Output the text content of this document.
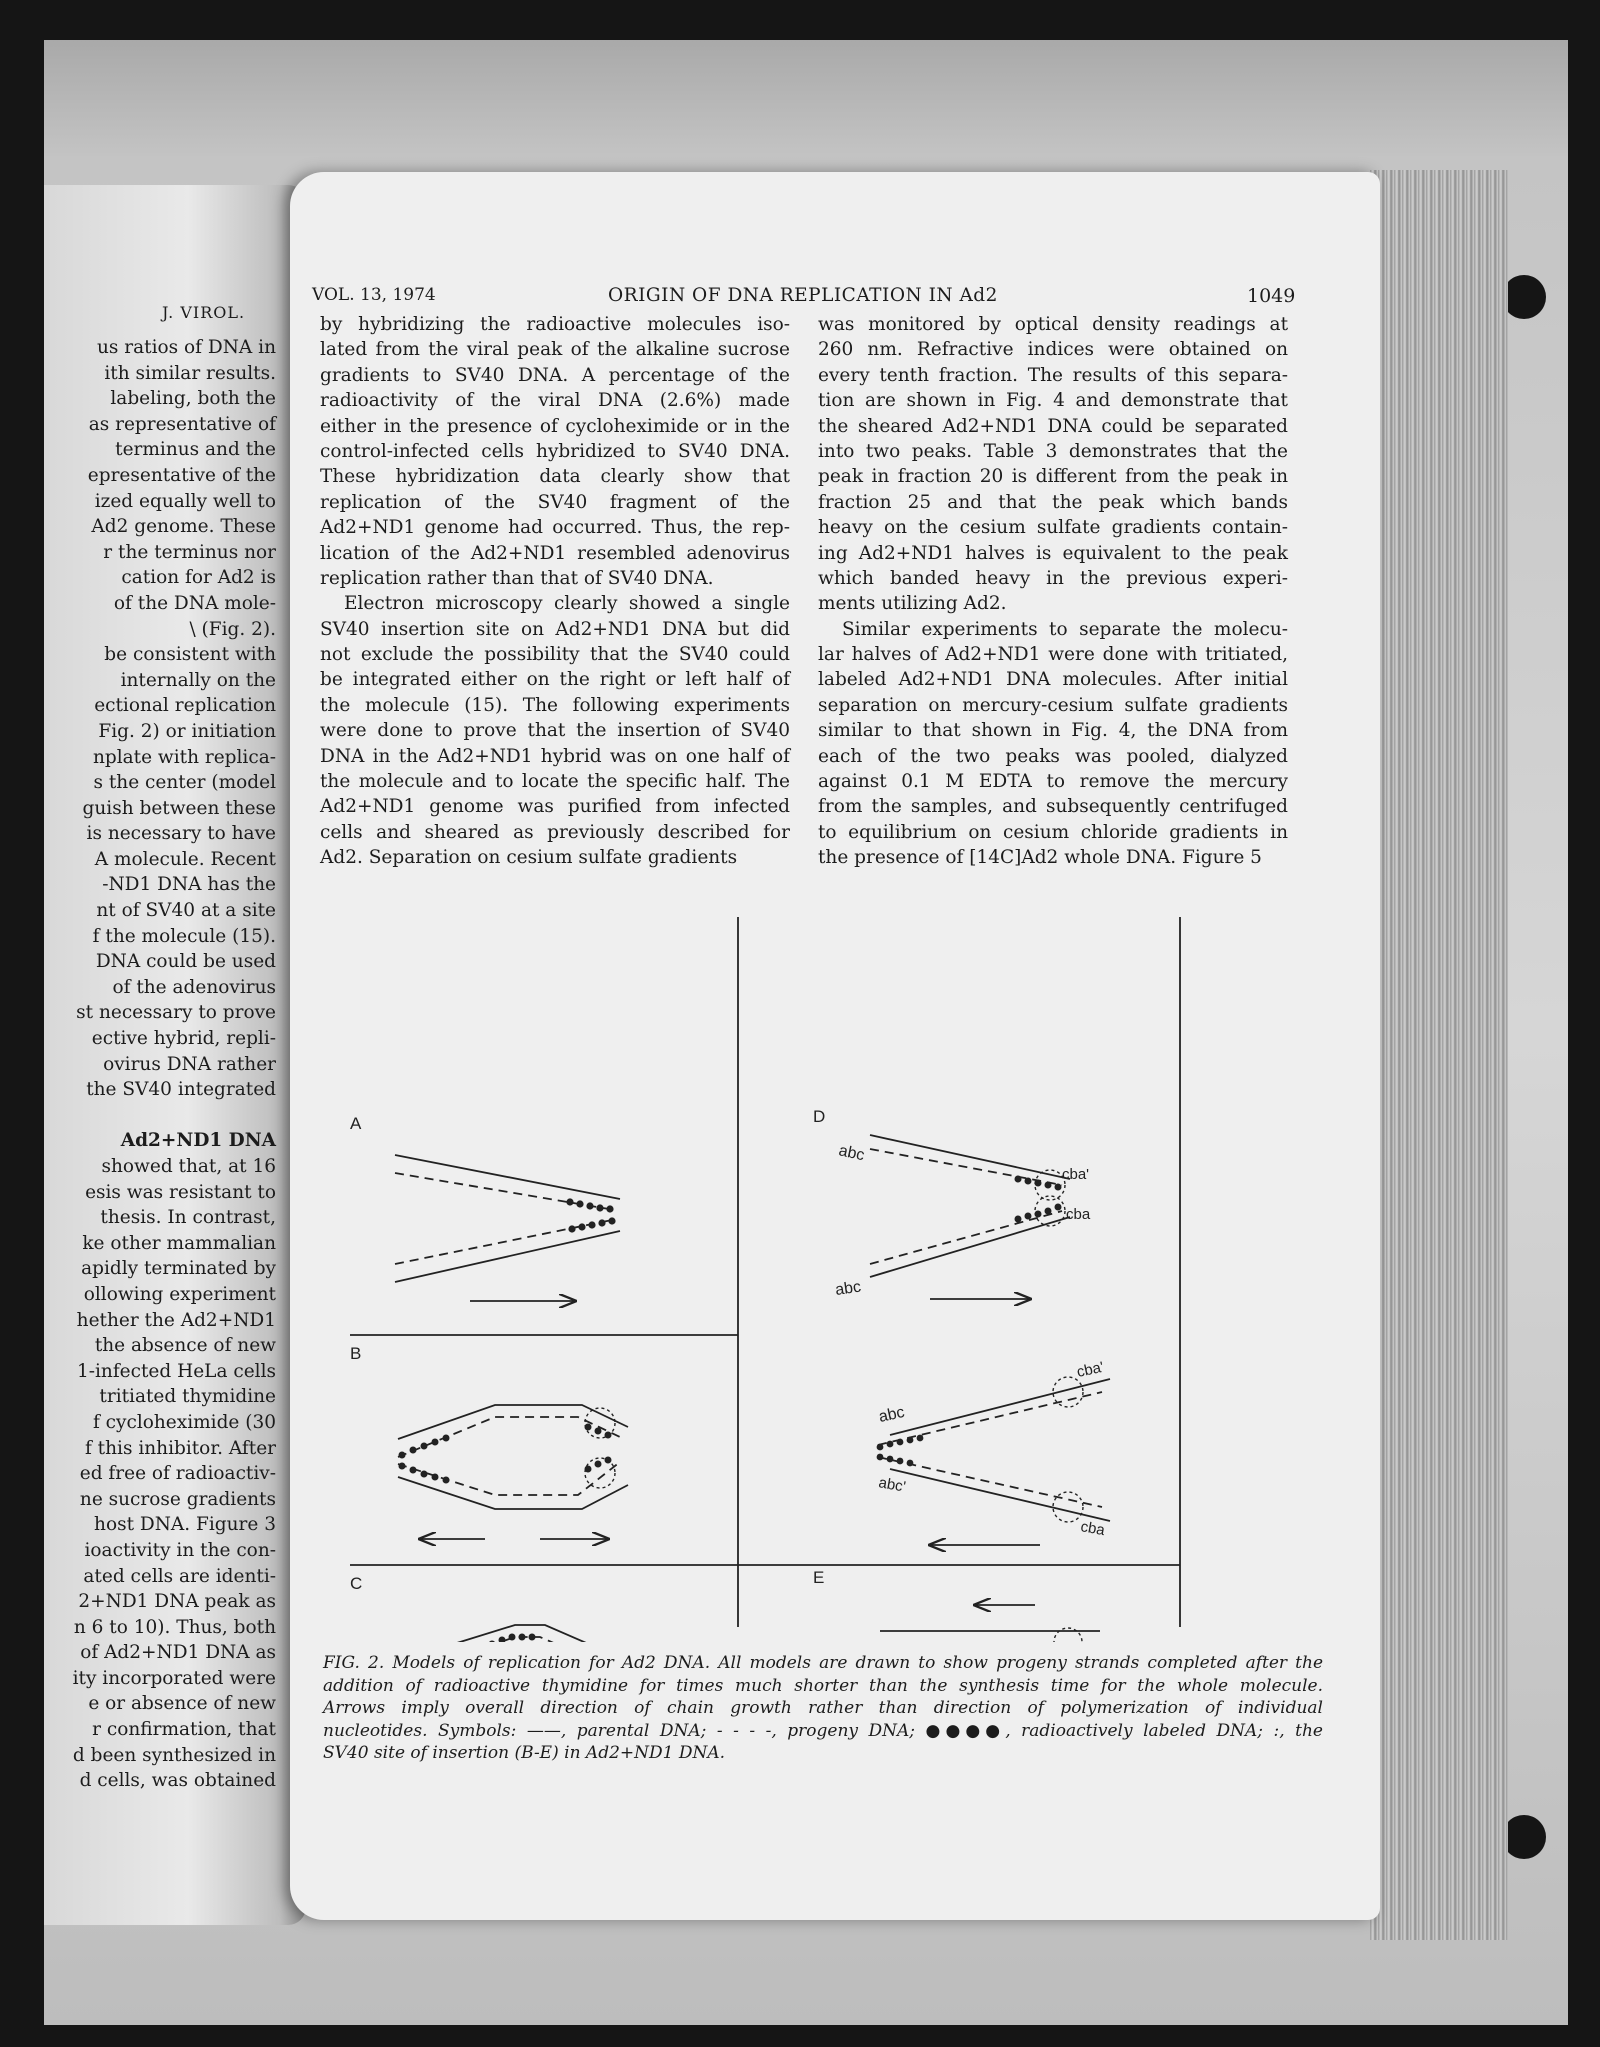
J. VIROL.
us ratios of DNA in
ith similar results.
labeling, both the
as representative of
terminus and the
epresentative of the
ized equally well to
Ad2 genome. These
r the terminus nor
cation for Ad2 is
of the DNA mole-
\ (Fig. 2).
be consistent with
internally on the
ectional replication
Fig. 2) or initiation
nplate with replica-
s the center (model
guish between these
is necessary to have
A molecule. Recent
-ND1 DNA has the
nt of SV40 at a site
f the molecule (15).
DNA could be used
of the adenovirus
st necessary to prove
ective hybrid, repli-
ovirus DNA rather
the SV40 integrated
Ad2+ND1 DNA
showed that, at 16
esis was resistant to
thesis. In contrast,
ke other mammalian
apidly terminated by
ollowing experiment
hether the Ad2+ND1
the absence of new
1-infected HeLa cells
tritiated thymidine
f cycloheximide (30
f this inhibitor. After
ed free of radioactiv-
ne sucrose gradients
host DNA. Figure 3
ioactivity in the con-
ated cells are identi-
2+ND1 DNA peak as
n 6 to 10). Thus, both
of Ad2+ND1 DNA as
ity incorporated were
e or absence of new
r confirmation, that
d been synthesized in
d cells, was obtained
VOL. 13, 1974	ORIGIN OF DNA REPLICATION IN Ad2	1049
by hybridizing the radioactive molecules iso-
lated from the viral peak of the alkaline sucrose
gradients to SV40 DNA. A percentage of the
radioactivity of the viral DNA (2.6%) made
either in the presence of cycloheximide or in the
control-infected cells hybridized to SV40 DNA.
These hybridization data clearly show that
replication of the SV40 fragment of the
Ad2+ND1 genome had occurred. Thus, the rep-
lication of the Ad2+ND1 resembled adenovirus
replication rather than that of SV40 DNA.
Electron microscopy clearly showed a single
SV40 insertion site on Ad2+ND1 DNA but did
not exclude the possibility that the SV40 could
be integrated either on the right or left half of
the molecule (15). The following experiments
were done to prove that the insertion of SV40
DNA in the Ad2+ND1 hybrid was on one half of
the molecule and to locate the specific half. The
Ad2+ND1 genome was purified from infected
cells and sheared as previously described for
Ad2. Separation on cesium sulfate gradients
was monitored by optical density readings at
260 nm. Refractive indices were obtained on
every tenth fraction. The results of this separa-
tion are shown in Fig. 4 and demonstrate that
the sheared Ad2+ND1 DNA could be separated
into two peaks. Table 3 demonstrates that the
peak in fraction 20 is different from the peak in
fraction 25 and that the peak which bands
heavy on the cesium sulfate gradients contain-
ing Ad2+ND1 halves is equivalent to the peak
which banded heavy in the previous experi-
ments utilizing Ad2.
Similar experiments to separate the molecu-
lar halves of Ad2+ND1 were done with tritiated,
labeled Ad2+ND1 DNA molecules. After initial
separation on mercury-cesium sulfate gradients
similar to that shown in Fig. 4, the DNA from
each of the two peaks was pooled, dialyzed
against 0.1 M EDTA to remove the mercury
from the samples, and subsequently centrifuged
to equilibrium on cesium chloride gradients in
the presence of [14C]Ad2 whole DNA. Figure 5
A
B
C
D
E
abc
cba'
cba
abc
cba'
abc
abc'
cba
FIG. 2. Models of replication for Ad2 DNA. All models are drawn to show progeny strands completed after the
addition of radioactive thymidine for times much shorter than the synthesis time for the whole molecule.
Arrows imply overall direction of chain growth rather than direction of polymerization of individual
nucleotides. Symbols: ——, parental DNA; - - - -, progeny DNA; ●●●●, radioactively labeled DNA; :, the
SV40 site of insertion (B-E) in Ad2+ND1 DNA.
